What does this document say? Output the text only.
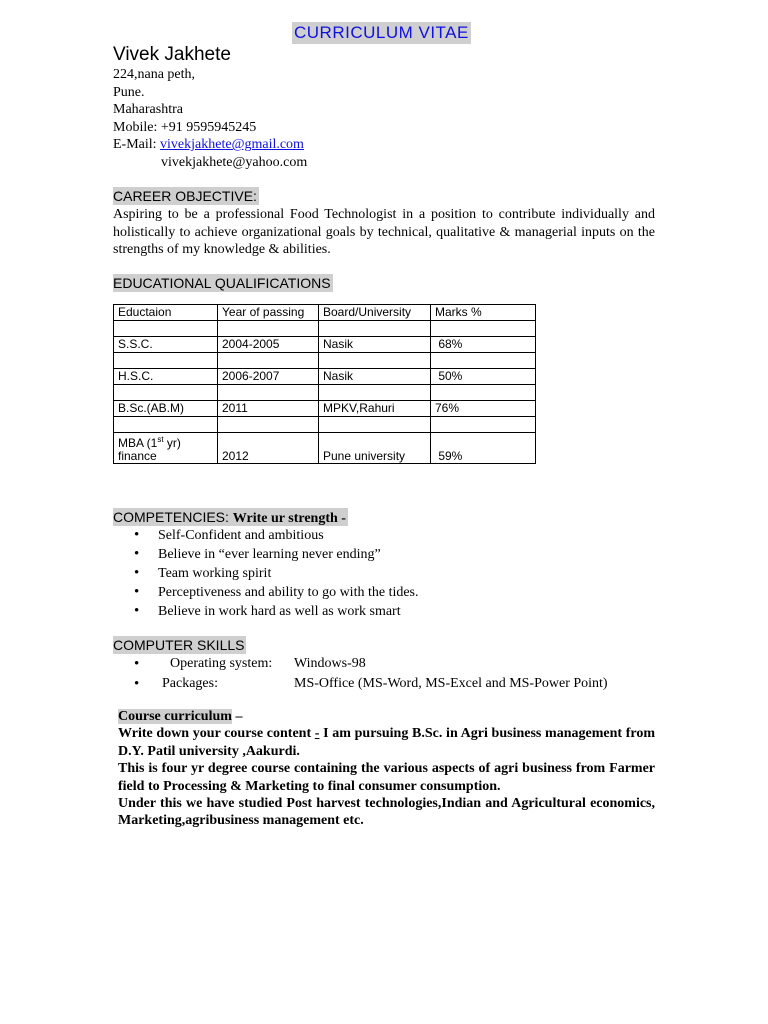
CURRICULUM VITAE
Vivek Jakhete
224,nana peth,
Pune.
Maharashtra
Mobile: +91 9595945245
E-Mail: vivekjakhete@gmail.com
vivekjakhete@yahoo.com
CAREER OBJECTIVE:
Aspiring to be a professional Food Technologist in a position to contribute individually and holistically to achieve organizational goals by technical, qualitative & managerial inputs on the strengths of my knowledge & abilities.
EDUCATIONAL QUALIFICATIONS
Eductaion	Year of passing	Board/University	Marks %

S.S.C.	2004-2005	Nasik	68%

H.S.C.	2006-2007	Nasik	50%

B.Sc.(AB.M)	2011	MPKV,Rahuri	76%

MBA (1st yr)
finance	2012	Pune university	59%
COMPETENCIES: Write ur strength -
• Self-Confident and ambitious
• Believe in “ever learning never ending”
• Team working spirit
• Perceptiveness and ability to go with the tides.
• Believe in work hard as well as work smart
COMPUTER SKILLS
• Operating system: Windows-98
• Packages:	MS-Office (MS-Word, MS-Excel and MS-Power Point)
Course curriculum –

Write down your course content - I am pursuing B.Sc. in Agri business management from D.Y. Patil university ,Aakurdi.

This is four yr degree course containing the various aspects of agri business from Farmer field to Processing & Marketing to final consumer consumption.

Under this we have studied Post harvest technologies,Indian and Agricultural economics, Marketing,agribusiness management etc.
